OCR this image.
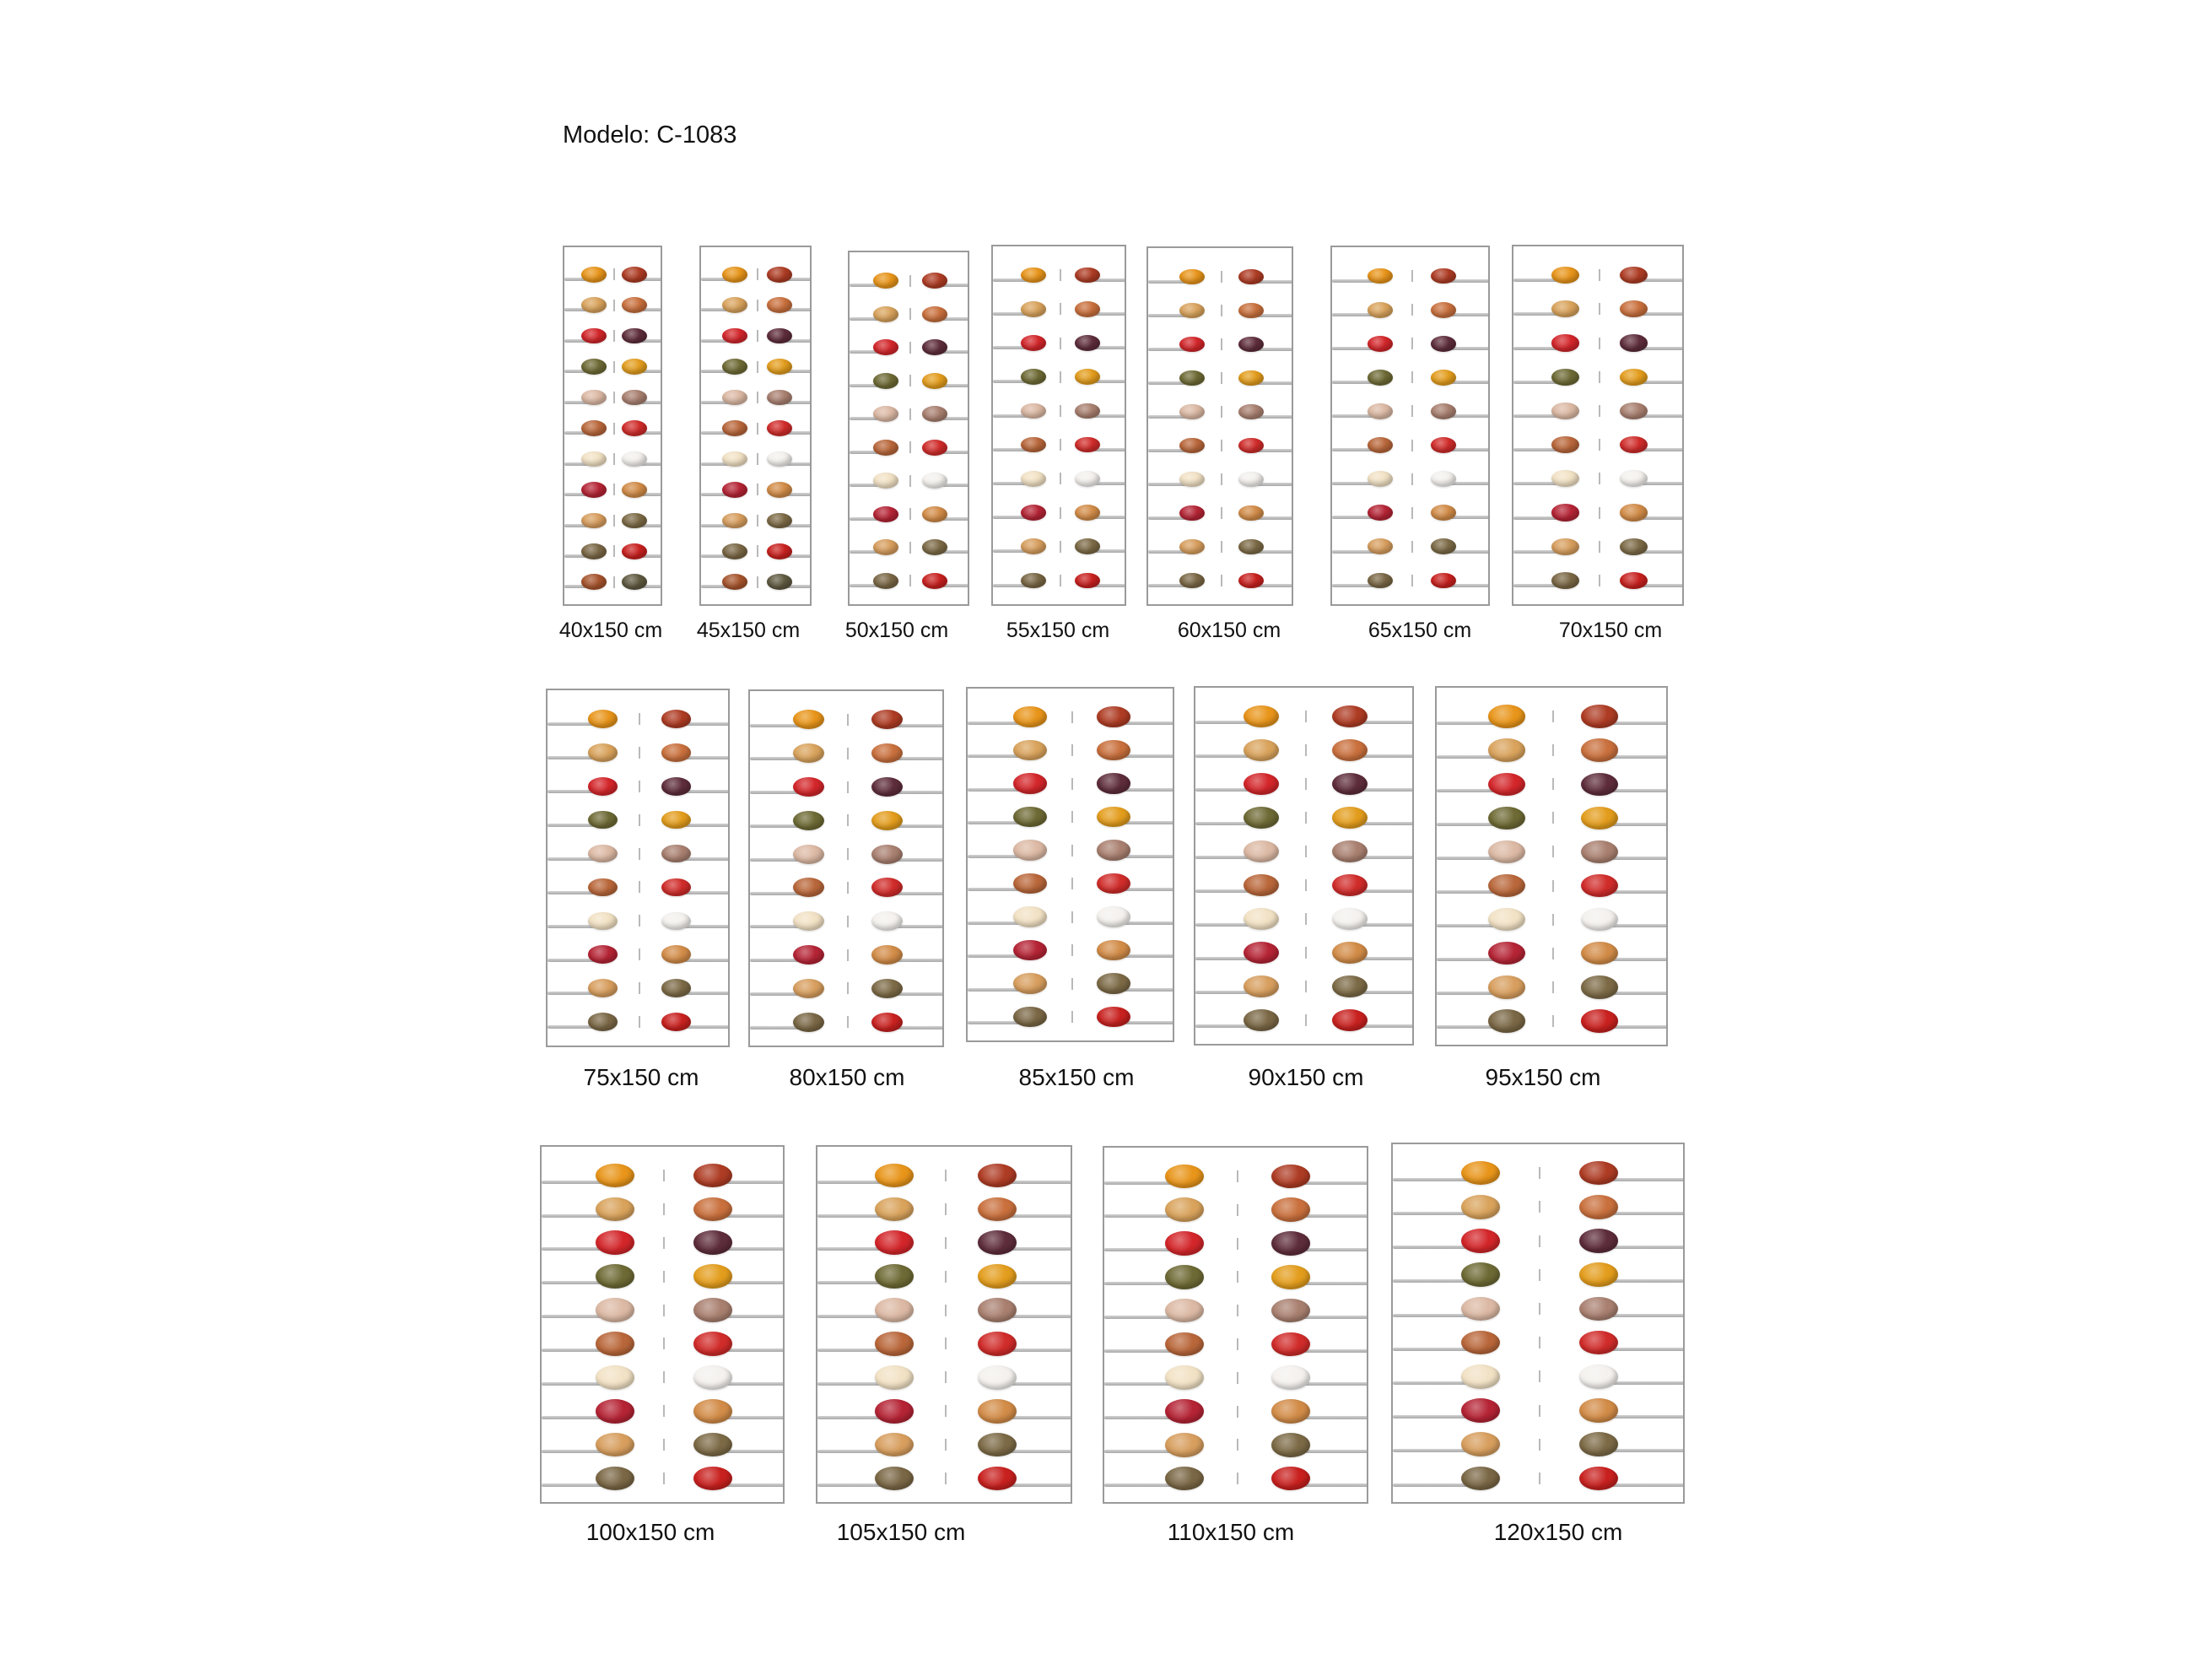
Modelo: C-1083
40x150 cm 45x150 cm 50x150 cm	55x150 cm	60x150 cm	65x150 cm	70x150 cm
75x150 cm	80x150 cm	85x150 cm	90x150 cm	95x150 cm
100x150 cm	105x150 cm	110x150 cm	120x150 cm
